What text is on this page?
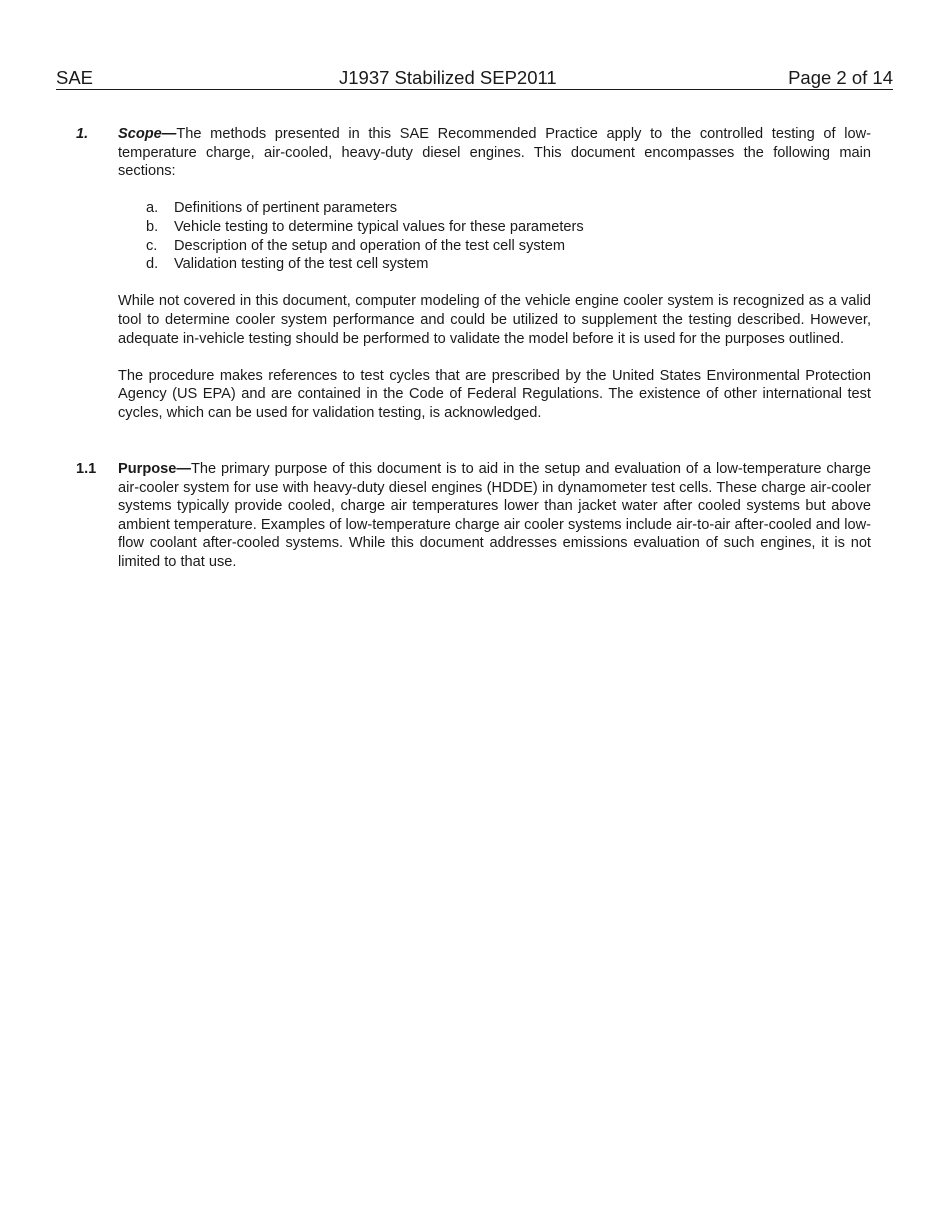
SAE	J1937 Stabilized SEP2011	Page 2 of 14
1. Scope—The methods presented in this SAE Recommended Practice apply to the controlled testing of low-temperature charge, air-cooled, heavy-duty diesel engines. This document encompasses the following main sections:

a. Definitions of pertinent parameters
b. Vehicle testing to determine typical values for these parameters
c. Description of the setup and operation of the test cell system
d. Validation testing of the test cell system

While not covered in this document, computer modeling of the vehicle engine cooler system is recognized as a valid tool to determine cooler system performance and could be utilized to supplement the testing described. However, adequate in-vehicle testing should be performed to validate the model before it is used for the purposes outlined.

The procedure makes references to test cycles that are prescribed by the United States Environmental Protection Agency (US EPA) and are contained in the Code of Federal Regulations. The existence of other international test cycles, which can be used for validation testing, is acknowledged.

1.1 Purpose—The primary purpose of this document is to aid in the setup and evaluation of a low-temperature charge air-cooler system for use with heavy-duty diesel engines (HDDE) in dynamometer test cells. These charge air-cooler systems typically provide cooled, charge air temperatures lower than jacket water after cooled systems but above ambient temperature. Examples of low-temperature charge air cooler systems include air-to-air after-cooled and low-flow coolant after-cooled systems. While this document addresses emissions evaluation of such engines, it is not limited to that use.
